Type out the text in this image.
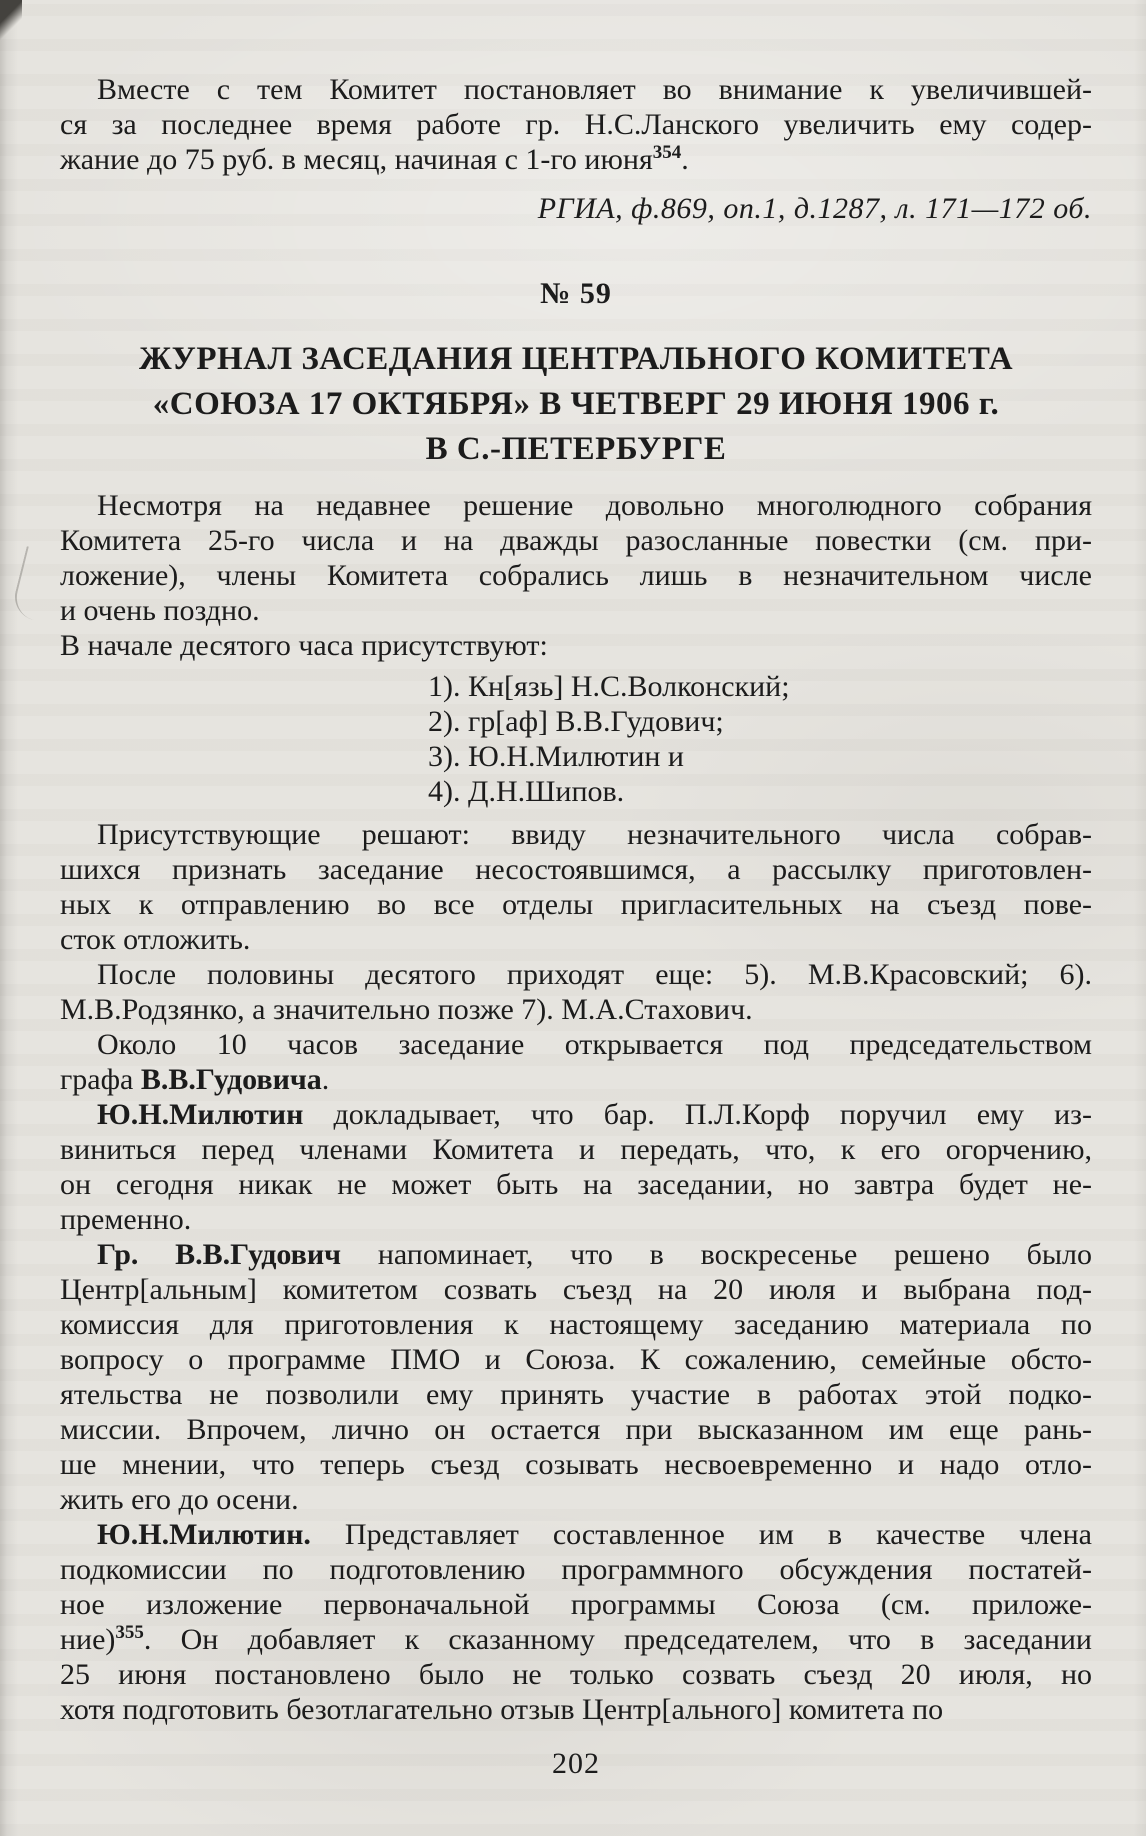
Вместе с тем Комитет постановляет во внимание к увеличившей-
ся за последнее время работе гр. Н.С.Ланского увеличить ему содер-
жание до 75 руб. в месяц, начиная с 1-го июня$^{354}$.
РГИА, ф.869, оп.1, д.1287, л. 171—172 об.
№ 59
ЖУРНАЛ ЗАСЕДАНИЯ ЦЕНТРАЛЬНОГО КОМИТЕТА
«СОЮЗА 17 ОКТЯБРЯ» В ЧЕТВЕРГ 29 ИЮНЯ 1906 г.
В С.-ПЕТЕРБУРГЕ
Несмотря на недавнее решение довольно многолюдного собрания
Комитета 25-го числа и на дважды разосланные повестки (см. при-
ложение), члены Комитета собрались лишь в незначительном числе
и очень поздно.
В начале десятого часа присутствуют:
1). Кн[язь] Н.С.Волконский;
2). гр[аф] В.В.Гудович;
3). Ю.Н.Милютин и
4). Д.Н.Шипов.
Присутствующие решают: ввиду незначительного числа собрав-
шихся признать заседание несостоявшимся, а рассылку приготовлен-
ных к отправлению во все отделы пригласительных на съезд пове-
сток отложить.
После половины десятого приходят еще: 5). М.В.Красовский; 6).
М.В.Родзянко, а значительно позже 7). М.А.Стахович.
Около 10 часов заседание открывается под председательством
графа В.В.Гудовича.
Ю.Н.Милютин докладывает, что бар. П.Л.Корф поручил ему из-
виниться перед членами Комитета и передать, что, к его огорчению,
он сегодня никак не может быть на заседании, но завтра будет не-
пременно.
Гр. В.В.Гудович напоминает, что в воскресенье решено было
Центр[альным] комитетом созвать съезд на 20 июля и выбрана под-
комиссия для приготовления к настоящему заседанию материала по
вопросу о программе ПМО и Союза. К сожалению, семейные обсто-
ятельства не позволили ему принять участие в работах этой подко-
миссии. Впрочем, лично он остается при высказанном им еще рань-
ше мнении, что теперь съезд созывать несвоевременно и надо отло-
жить его до осени.
Ю.Н.Милютин. Представляет составленное им в качестве члена
подкомиссии по подготовлению программного обсуждения постатей-
ное изложение первоначальной программы Союза (см. приложе-
ние)$^{355}$. Он добавляет к сказанному председателем, что в заседании
25 июня постановлено было не только созвать съезд 20 июля, но
хотя подготовить безотлагательно отзыв Центр[ального] комитета по
202
